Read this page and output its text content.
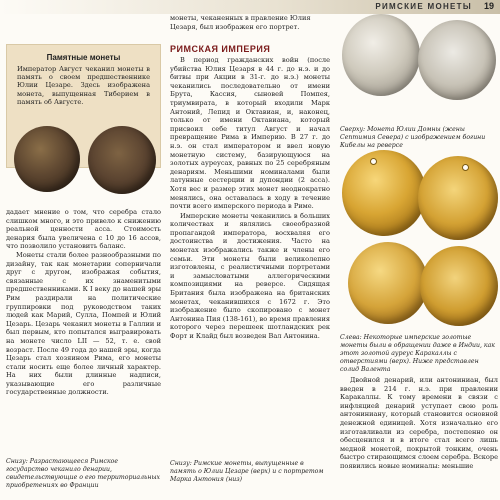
РИМСКИЕ МОНЕТЫ 19
Памятные монеты
Император Август чеканил монеты в память о своем предшественнике Юлии Цезаре. Здесь изображена монета, выпущенная Тиберием в память об Августе.

дадает мнение о том, что серебра стало слишком много, и это привело к снижению реальной ценности асса. Стоимость денария была увеличена с 10 до 16 ассов, что позволило установить баланс.

Монеты стали более разнообразными по дизайну, так как монетарии соперничали друг с другом, изображая события, связанные с их знаменитыми предшественниками. К I веку до нашей эры Рим раздирали на политические группировки под руководством таких людей как Марий, Сулла, Помпей и Юлий Цезарь. Цезарь чеканил монеты в Галлии и был первым, кто попытался выгравировать на монете число LII — 52, т. е. свой возраст. После 49 года до нашей эры, когда Цезарь стал хозяином Рима, его монеты стали носить еще более личный характер. На них были длинные надписи, указывающие его различные государственные должности.

Снизу: Разрастающееся Римское государство чеканило денарии, свидетельствующие о его территориальных приобретениях во Франции
монеты, чеканенных в правление Юлия Цезаря, был изображен его портрет.
РИМСКАЯ ИМПЕРИЯ

В период гражданских войн (после убийства Юлия Цезаря в 44 г. до н.э. и до битвы при Акции в 31-г. до н.э.) монеты чеканились последовательно от имени Брута, Кассия, сыновей Помпея, триумвирата, в который входили Марк Антоний, Лепид и Октавиан, и, наконец, только от имени Октавиана, который присвоил себе титул Август и начал превращение Рима в Империю. В 27 г. до н.э. он стал императором и ввел новую монетную систему, базирующуюся на золотых ауреусах, равных по 25 серебряным денариям. Меньшими номиналами были латунные сестерции и дупондии (2 асса). Хотя вес и размер этих монет неоднократно менялись, она оставалась в ходу в течение почти всего имперского периода в Риме.

Имперские монеты чеканились в больших количествах и являлись своеобразной пропагандой императора, восхваляя его достоинства и достижения. Часто на монетах изображались также и члены его семьи. Эти монеты были великолепно изготовлены, с реалистичными портретами и замысловатыми аллегорическими композициями на реверсе. Сидящая Британия была изображена на британских монетах, чеканившихся с 1672 г. Это изображение было скопировано с монет Антонина Пия (138-161), во время правления которого через перешеек шотландских рек Форт и Клайд был возведен Вал Антонина.

Снизу: Римские монеты, выпущенные в память о Юлии Цезаре (верх) и с портретом Марка Антония (низ)
Сверху: Монета Юлии Домны (жены Септимия Севера) с изображением богини Кибелы на реверсе
Слева: Некоторые имперские золотые монеты были в обращении даже в Индии, как этот золотой ауреус Каракаллы с отверстиями (верх). Ниже представлен солид Валента

Двойной денарий, или антониниан, был введен в 214 г. н.э. при правлении Каракаллы. К тому времени в связи с инфляцией денарий уступает свою роль антониниану, который становится основной денежной единицей. Хотя изначально его изготавливали из серебра, постепенно он обесценился и в итоге стал всего лишь медной монетой, покрытой тонким, очень быстро стирающимся слоем серебра. Вскоре появились новые номиналы: меньшие
